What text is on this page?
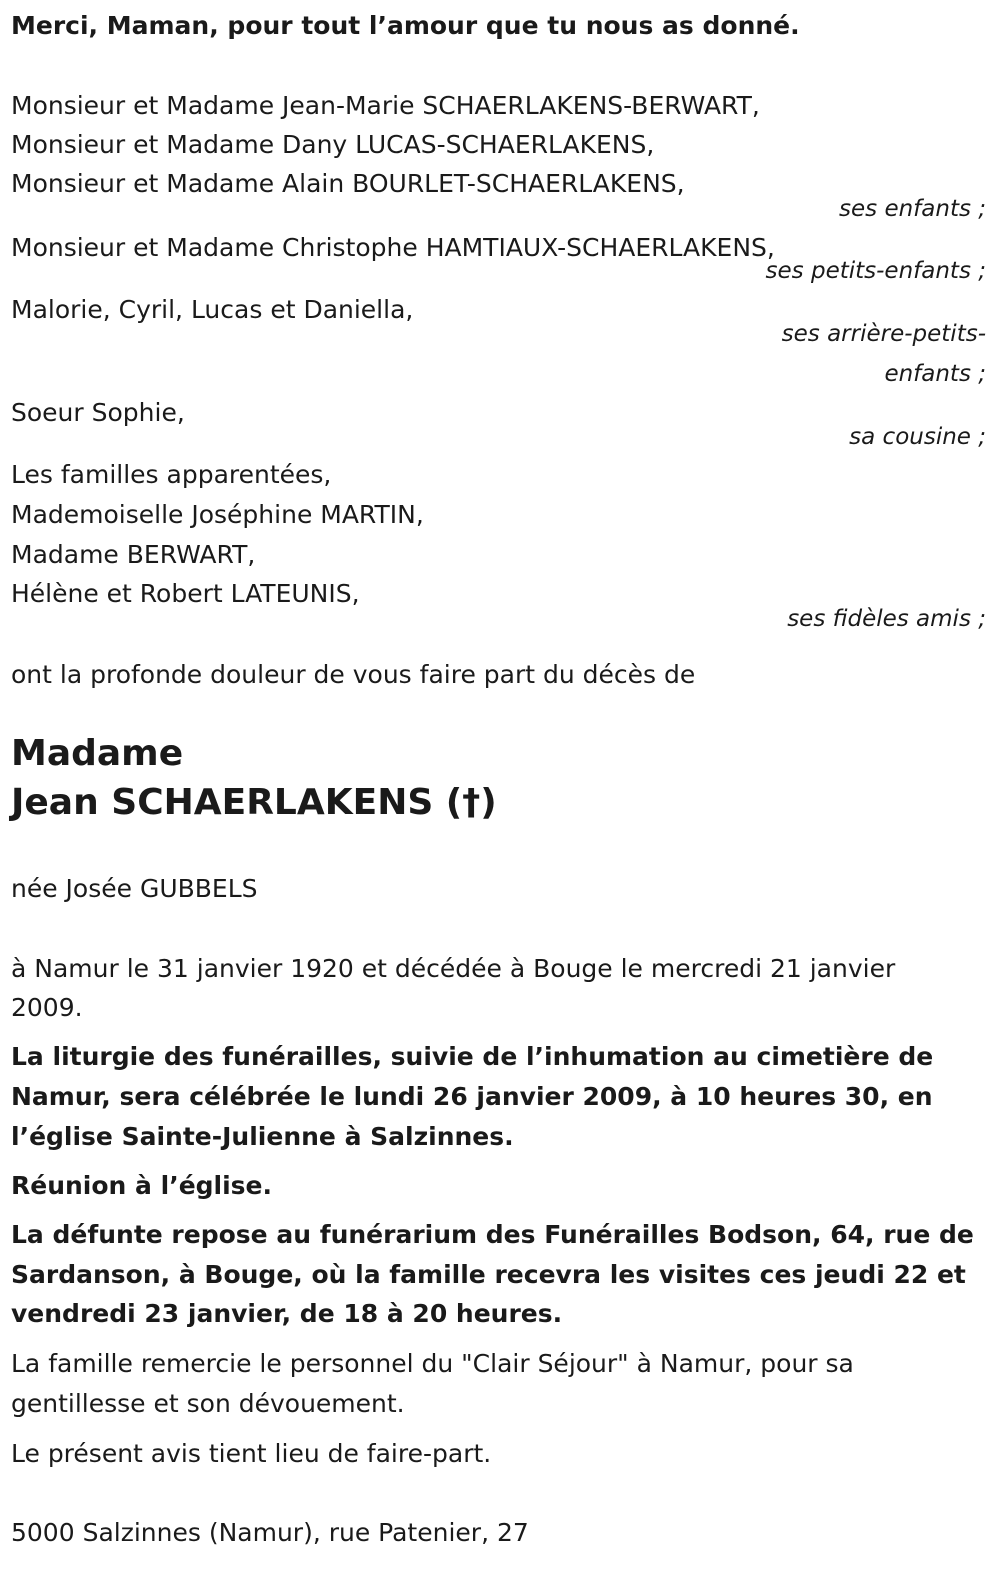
Merci, Maman, pour tout l’amour que tu nous as donné.
Monsieur et Madame Jean-Marie SCHAERLAKENS-BERWART,
Monsieur et Madame Dany LUCAS-SCHAERLAKENS,
Monsieur et Madame Alain BOURLET-SCHAERLAKENS,
ses enfants ;
Monsieur et Madame Christophe HAMTIAUX-SCHAERLAKENS,
ses petits-enfants ;
Malorie, Cyril, Lucas et Daniella,
ses arrière-petits-
enfants ;
Soeur Sophie,
sa cousine ;
Les familles apparentées,
Mademoiselle Joséphine MARTIN,
Madame BERWART,
Hélène et Robert LATEUNIS,
ses fidèles amis ;
ont la profonde douleur de vous faire part du décès de
Madame
Jean SCHAERLAKENS (†)
née Josée GUBBELS
à Namur le 31 janvier 1920 et décédée à Bouge le mercredi 21 janvier
2009.
La liturgie des funérailles, suivie de l’inhumation au cimetière de
Namur, sera célébrée le lundi 26 janvier 2009, à 10 heures 30, en
l’église Sainte-Julienne à Salzinnes.
Réunion à l’église.
La défunte repose au funérarium des Funérailles Bodson, 64, rue de
Sardanson, à Bouge, où la famille recevra les visites ces jeudi 22 et
vendredi 23 janvier, de 18 à 20 heures.
La famille remercie le personnel du "Clair Séjour" à Namur, pour sa
gentillesse et son dévouement.
Le présent avis tient lieu de faire-part.
5000 Salzinnes (Namur), rue Patenier, 27
